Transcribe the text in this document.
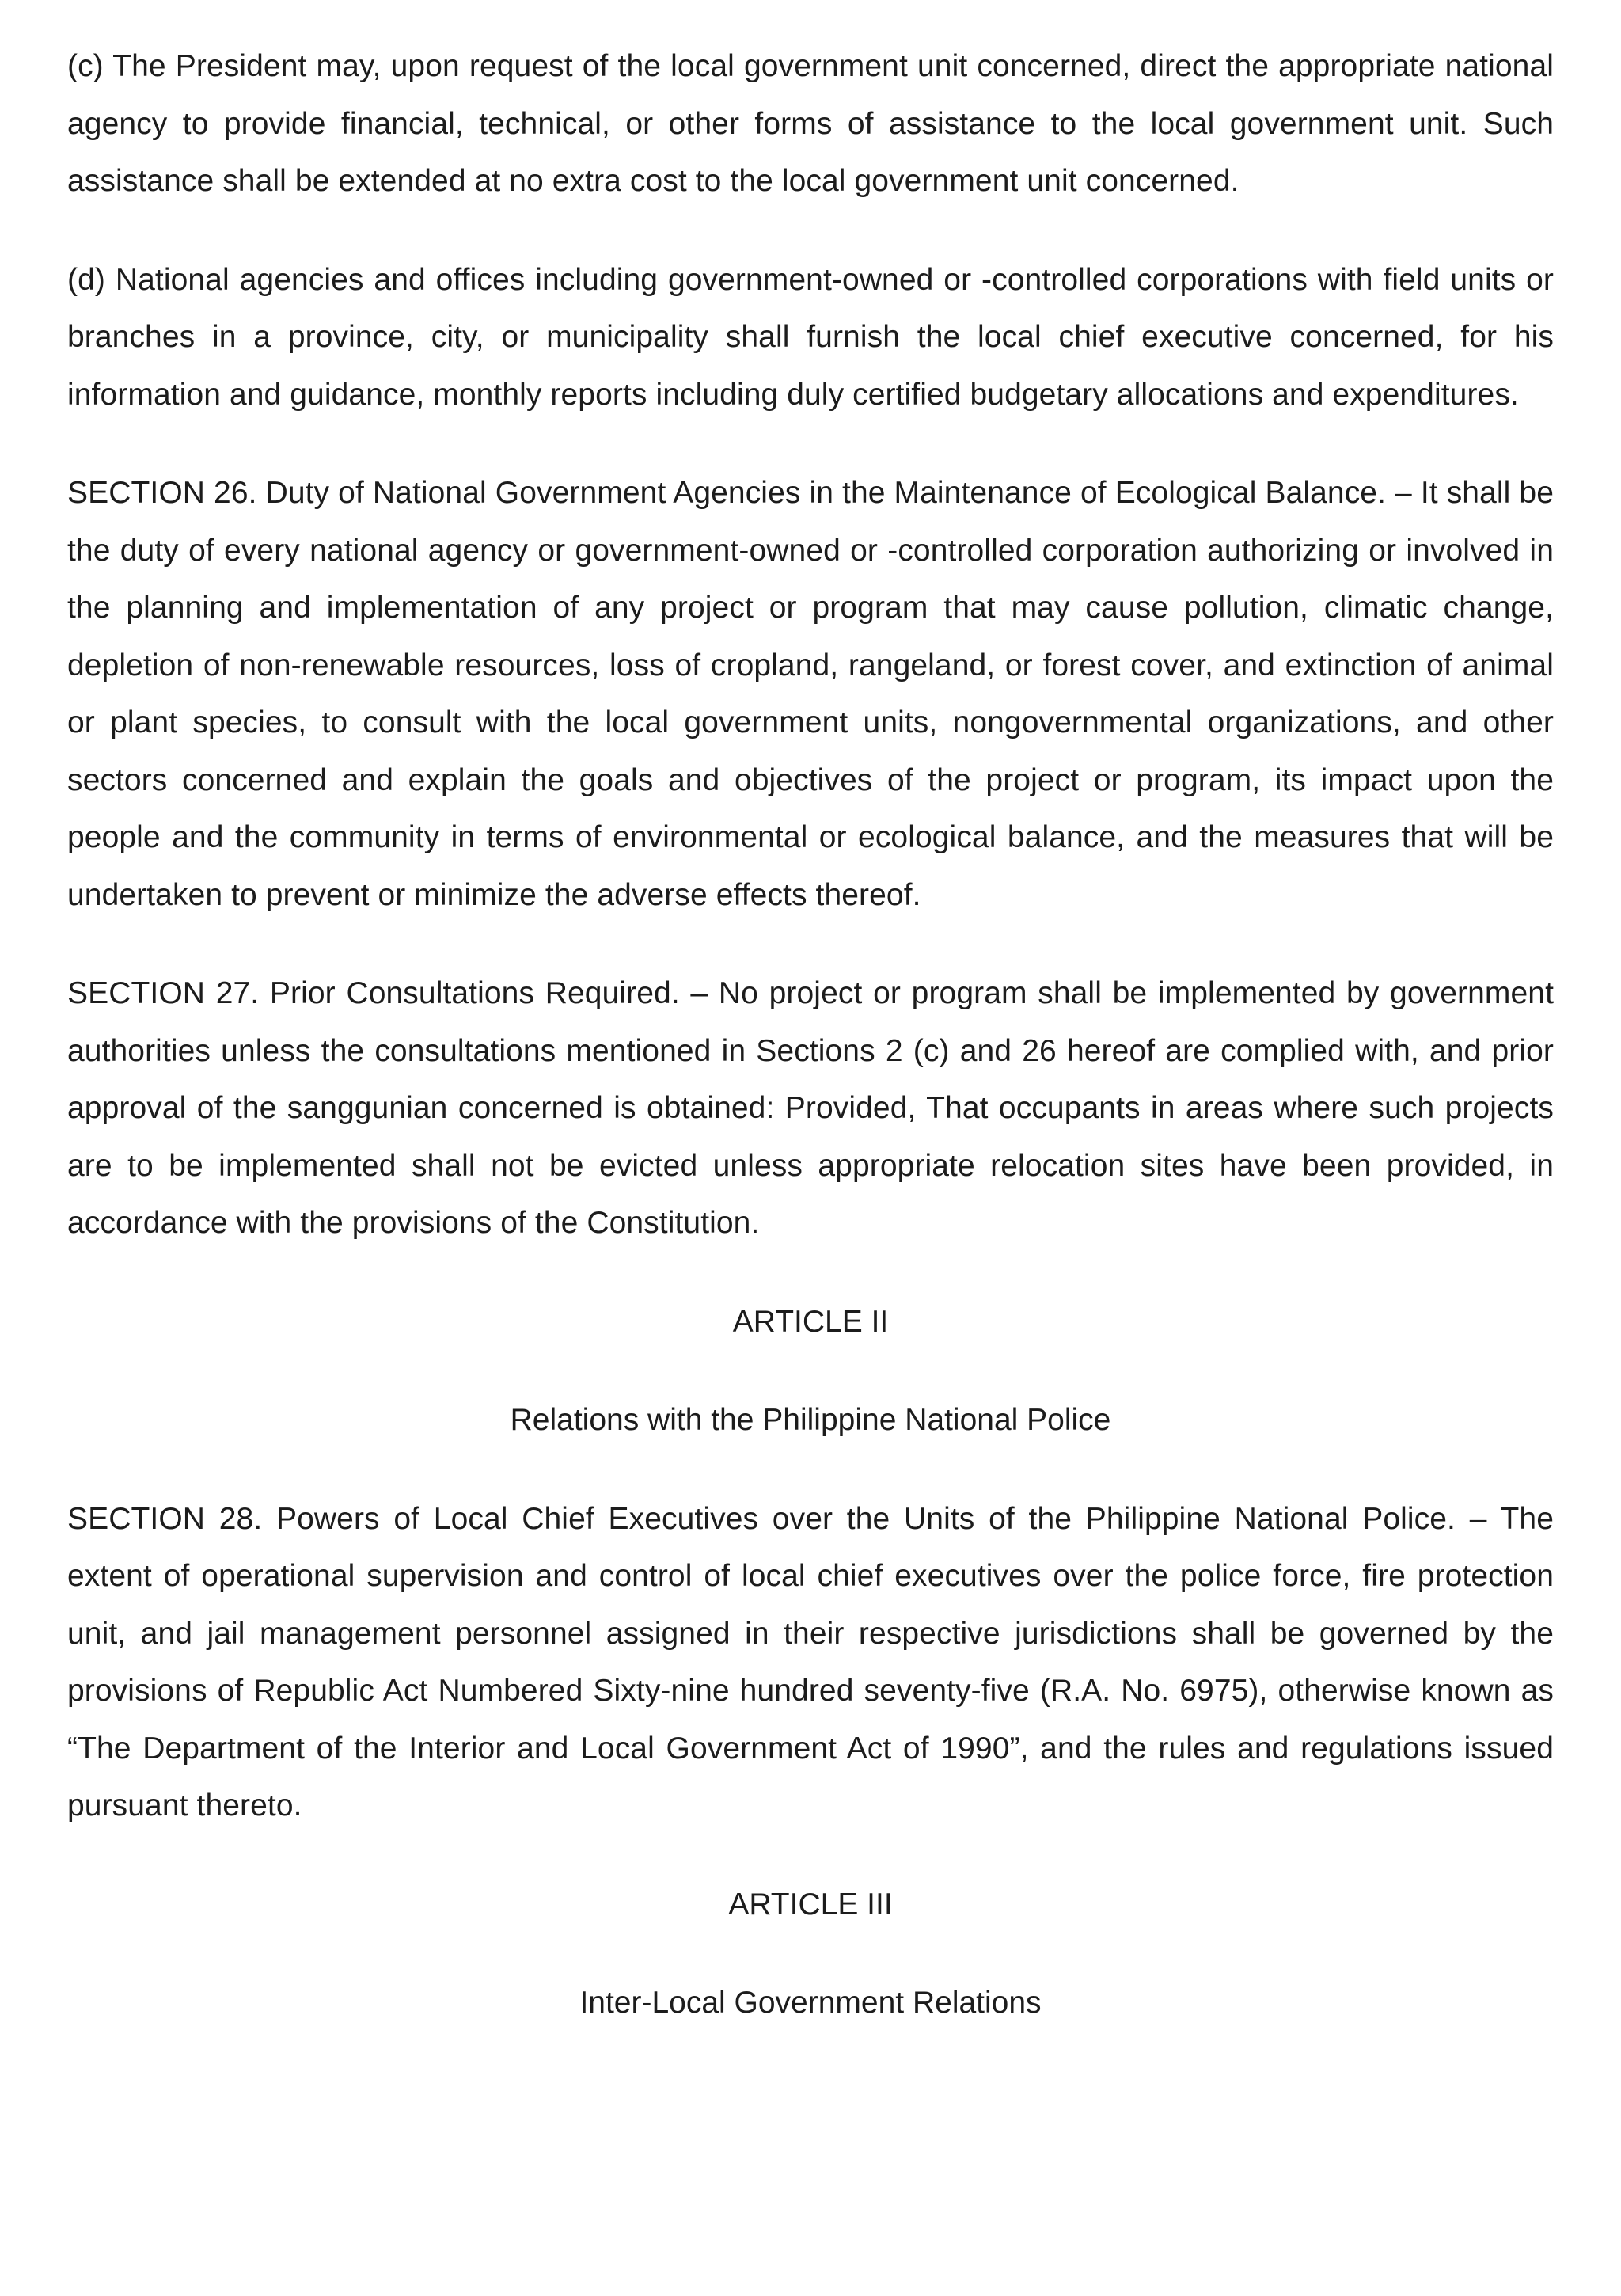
(c) The President may, upon request of the local government unit concerned, direct the appropriate national agency to provide financial, technical, or other forms of assistance to the local government unit. Such assistance shall be extended at no extra cost to the local government unit concerned.

(d) National agencies and offices including government-owned or -controlled corporations with field units or branches in a province, city, or municipality shall furnish the local chief executive concerned, for his information and guidance, monthly reports including duly certified budgetary allocations and expenditures.

SECTION 26. Duty of National Government Agencies in the Maintenance of Ecological Balance. – It shall be the duty of every national agency or government-owned or -controlled corporation authorizing or involved in the planning and implementation of any project or program that may cause pollution, climatic change, depletion of non-renewable resources, loss of cropland, rangeland, or forest cover, and extinction of animal or plant species, to consult with the local government units, nongovernmental organizations, and other sectors concerned and explain the goals and objectives of the project or program, its impact upon the people and the community in terms of environmental or ecological balance, and the measures that will be undertaken to prevent or minimize the adverse effects thereof.

SECTION 27. Prior Consultations Required. – No project or program shall be implemented by government authorities unless the consultations mentioned in Sections 2 (c) and 26 hereof are complied with, and prior approval of the sanggunian concerned is obtained: Provided, That occupants in areas where such projects are to be implemented shall not be evicted unless appropriate relocation sites have been provided, in accordance with the provisions of the Constitution.

ARTICLE II

Relations with the Philippine National Police

SECTION 28. Powers of Local Chief Executives over the Units of the Philippine National Police. – The extent of operational supervision and control of local chief executives over the police force, fire protection unit, and jail management personnel assigned in their respective jurisdictions shall be governed by the provisions of Republic Act Numbered Sixty-nine hundred seventy-five (R.A. No. 6975), otherwise known as “The Department of the Interior and Local Government Act of 1990”, and the rules and regulations issued pursuant thereto.

ARTICLE III

Inter-Local Government Relations
